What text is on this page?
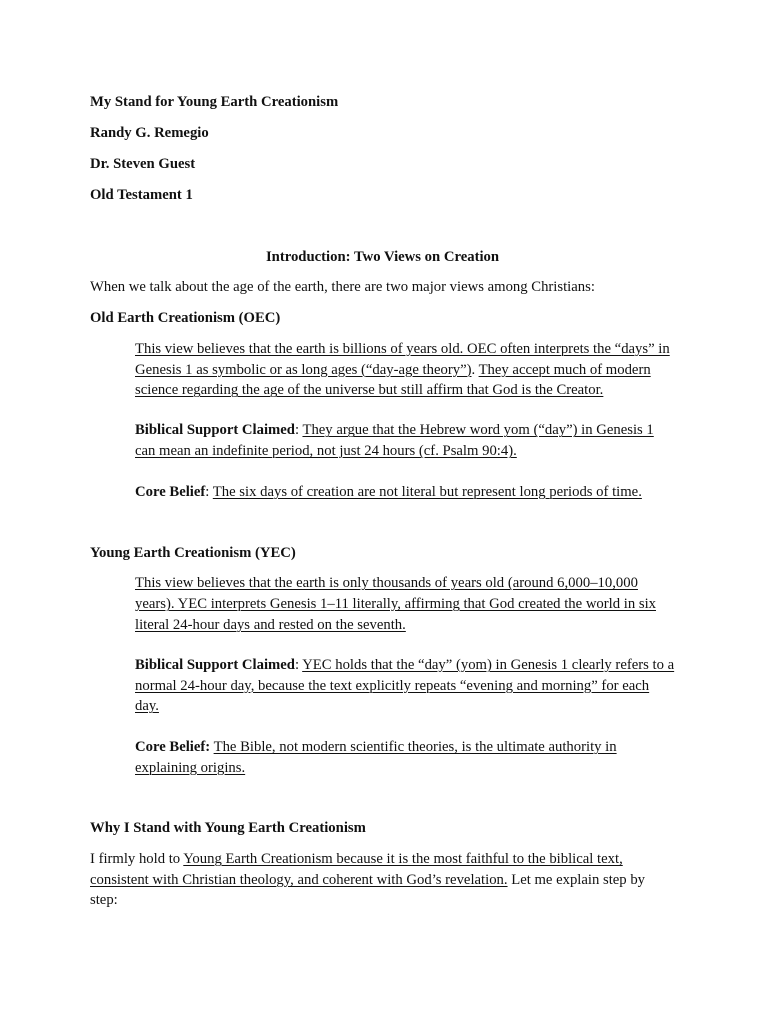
My Stand for Young Earth Creationism

Randy G. Remegio

Dr. Steven Guest

Old Testament 1

Introduction: Two Views on Creation

When we talk about the age of the earth, there are two major views among Christians:

Old Earth Creationism (OEC)

This view believes that the earth is billions of years old. OEC often interprets the “days” in Genesis 1 as symbolic or as long ages (“day-age theory”). They accept much of modern science regarding the age of the universe but still affirm that God is the Creator.

Biblical Support Claimed: They argue that the Hebrew word yom (“day”) in Genesis 1 can mean an indefinite period, not just 24 hours (cf. Psalm 90:4).

Core Belief: The six days of creation are not literal but represent long periods of time.

Young Earth Creationism (YEC)

This view believes that the earth is only thousands of years old (around 6,000–10,000 years). YEC interprets Genesis 1–11 literally, affirming that God created the world in six literal 24-hour days and rested on the seventh.

Biblical Support Claimed: YEC holds that the “day” (yom) in Genesis 1 clearly refers to a normal 24-hour day, because the text explicitly repeats “evening and morning” for each day.

Core Belief: The Bible, not modern scientific theories, is the ultimate authority in explaining origins.

Why I Stand with Young Earth Creationism

I firmly hold to Young Earth Creationism because it is the most faithful to the biblical text, consistent with Christian theology, and coherent with God’s revelation. Let me explain step by step:
